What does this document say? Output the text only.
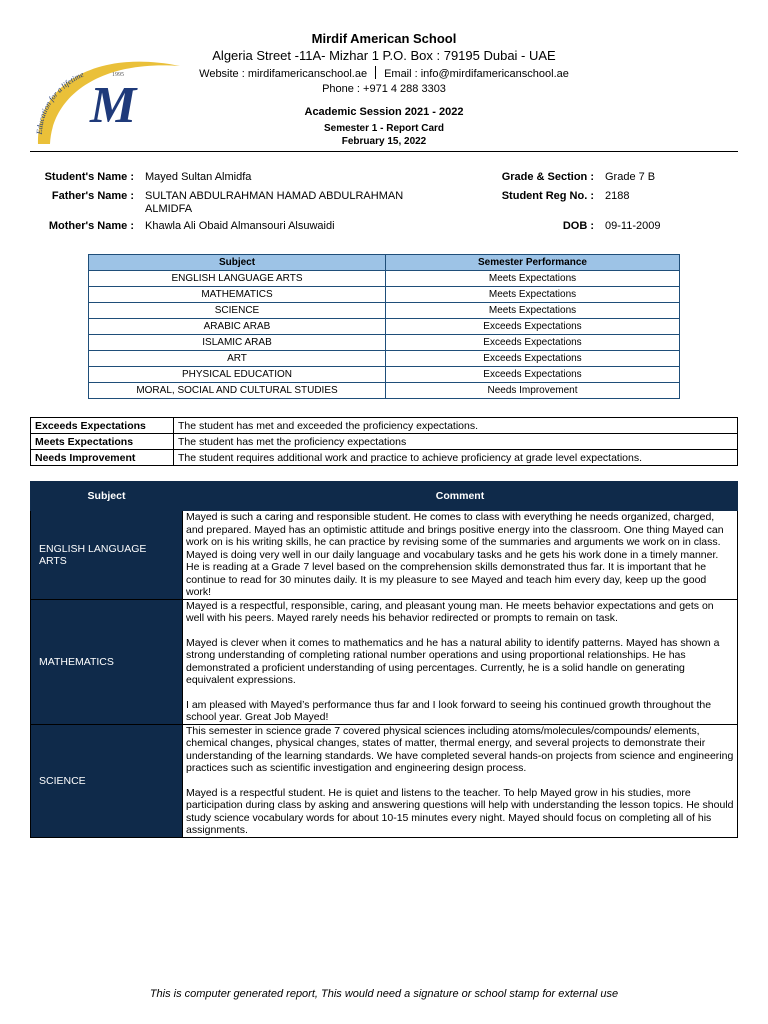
Education for a lifetime	1995
M
Mirdif American School
Algeria Street -11A- Mizhar 1 P.O. Box : 79195 Dubai - UAE
Website : mirdifamericanschool.ae Email : info@mirdifamericanschool.ae
Phone : +971 4 288 3303
Academic Session 2021 - 2022
Semester 1 - Report Card
February 15, 2022
Student's Name : Mayed Sultan Almidfa
Father's Name : SULTAN ABDULRAHMAN HAMAD ABDULRAHMAN ALMIDFA
Mother's Name : Khawla Ali Obaid Almansouri Alsuwaidi
Grade & Section : Grade 7 B
Student Reg No. : 2188
DOB : 09-11-2009
Subject	Semester Performance
ENGLISH LANGUAGE ARTS	Meets Expectations
MATHEMATICS	Meets Expectations
SCIENCE	Meets Expectations
ARABIC ARAB	Exceeds Expectations
ISLAMIC ARAB	Exceeds Expectations
ART	Exceeds Expectations
PHYSICAL EDUCATION	Exceeds Expectations
MORAL, SOCIAL AND CULTURAL STUDIES	Needs Improvement
Exceeds Expectations	The student has met and exceeded the proficiency expectations.
Meets Expectations	The student has met the proficiency expectations
Needs Improvement	The student requires additional work and practice to achieve proficiency at grade level expectations.
Subject	Comment
ENGLISH LANGUAGE ARTS	Mayed is such a caring and responsible student. He comes to class with everything he needs organized, charged, and prepared. Mayed has an optimistic attitude and brings positive energy into the classroom. One thing Mayed can work on is his writing skills, he can practice by revising some of the summaries and arguments we work on in class. Mayed is doing very well in our daily language and vocabulary tasks and he gets his work done in a timely manner. He is reading at a Grade 7 level based on the comprehension skills demonstrated thus far. It is important that he continue to read for 30 minutes daily. It is my pleasure to see Mayed and teach him every day, keep up the good work!

MATHEMATICS	Mayed is a respectful, responsible, caring, and pleasant young man. He meets behavior expectations and gets on well with his peers. Mayed rarely needs his behavior redirected or prompts to remain on task.

Mayed is clever when it comes to mathematics and he has a natural ability to identify patterns. Mayed has shown a strong understanding of completing rational number operations and using proportional relationships. He has demonstrated a proficient understanding of using percentages. Currently, he is a solid handle on generating equivalent expressions.

I am pleased with Mayed’s performance thus far and I look forward to seeing his continued growth throughout the school year. Great Job Mayed!

SCIENCE	This semester in science grade 7 covered physical sciences including atoms/molecules/compounds/ elements, chemical changes, physical changes, states of matter, thermal energy, and several projects to demonstrate their understanding of the learning standards. We have completed several hands-on projects from science and engineering practices such as scientific investigation and engineering design process.

Mayed is a respectful student. He is quiet and listens to the teacher. To help Mayed grow in his studies, more participation during class by asking and answering questions will help with understanding the lesson topics. He should study science vocabulary words for about 10-15 minutes every night. Mayed should focus on completing all of his assignments.

This is computer generated report, This would need a signature or school stamp for external use
